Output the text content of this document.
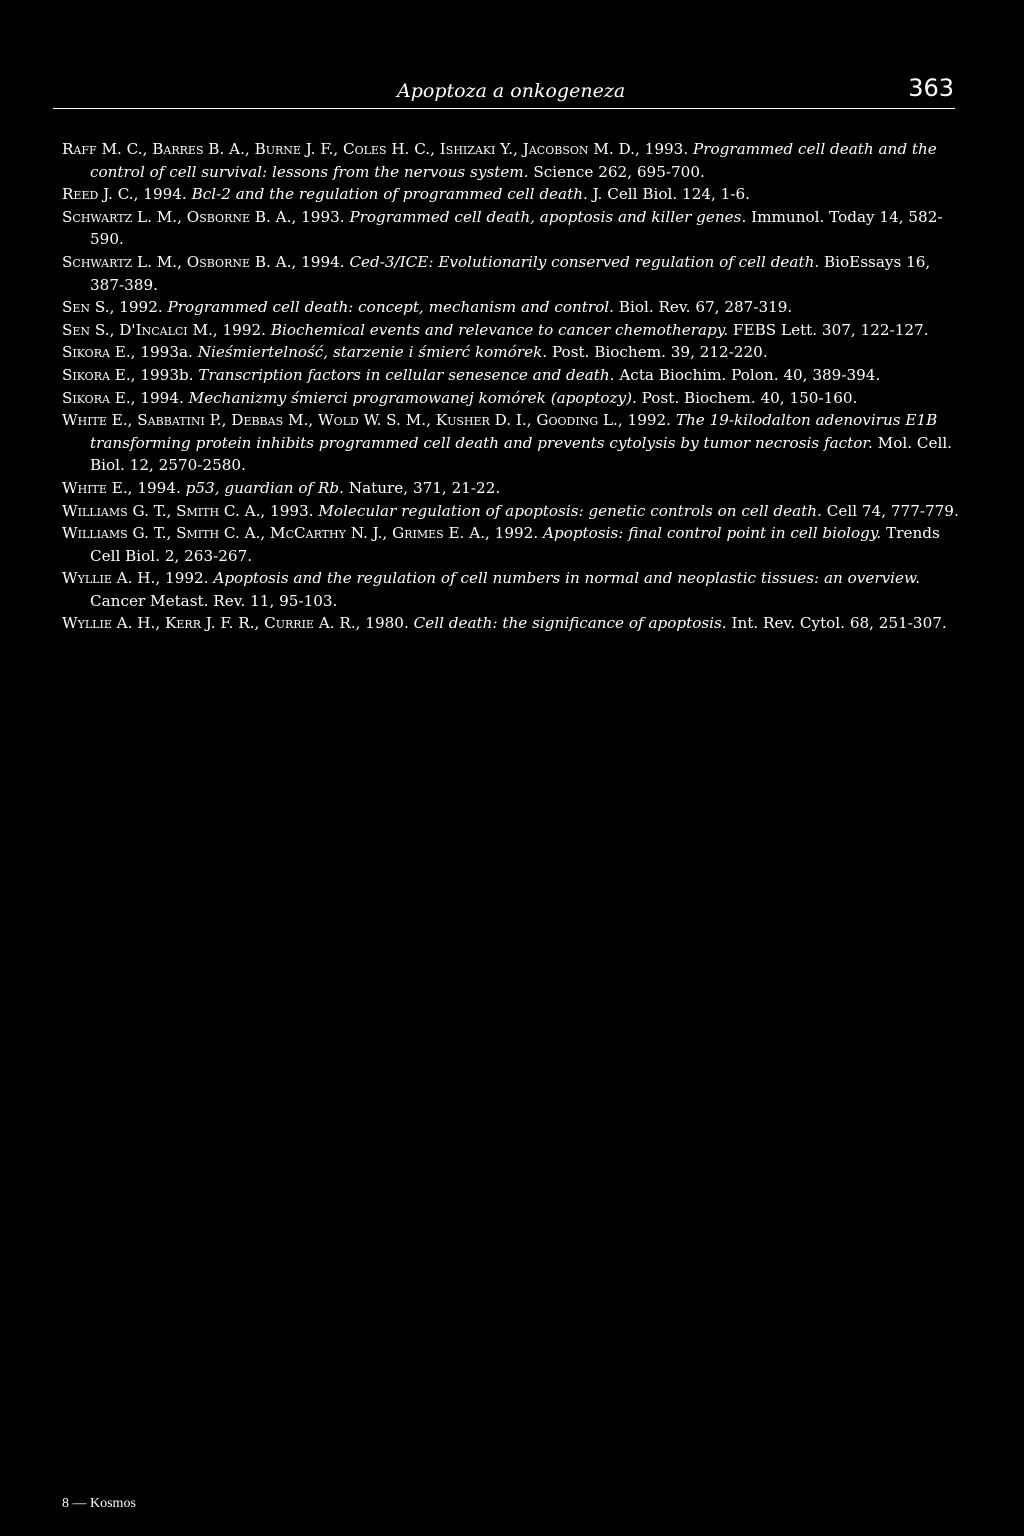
Apoptoza a onkogeneza	363

Raff M. C., Barres B. A., Burne J. F., Coles H. C., Ishizaki Y., Jacobson M. D., 1993. Programmed cell death and the control of cell survival: lessons from the nervous system. Science 262, 695-700.

Reed J. C., 1994. Bcl-2 and the regulation of programmed cell death. J. Cell Biol. 124, 1-6.

Schwartz L. M., Osborne B. A., 1993. Programmed cell death, apoptosis and killer genes. Immunol. Today 14, 582-590.

Schwartz L. M., Osborne B. A., 1994. Ced-3/ICE: Evolutionarily conserved regulation of cell death. BioEssays 16, 387-389.

Sen S., 1992. Programmed cell death: concept, mechanism and control. Biol. Rev. 67, 287-319.

Sen S., D'Incalci M., 1992. Biochemical events and relevance to cancer chemotherapy. FEBS Lett. 307, 122-127.

Sikora E., 1993a. Nieśmiertelność, starzenie i śmierć komórek. Post. Biochem. 39, 212-220.

Sikora E., 1993b. Transcription factors in cellular senesence and death. Acta Biochim. Polon. 40, 389-394.

Sikora E., 1994. Mechanizmy śmierci programowanej komórek (apoptozy). Post. Biochem. 40, 150-160.

White E., Sabbatini P., Debbas M., Wold W. S. M., Kusher D. I., Gooding L., 1992. The 19-kilodalton adenovirus E1B transforming protein inhibits programmed cell death and prevents cytolysis by tumor necrosis factor. Mol. Cell. Biol. 12, 2570-2580.

White E., 1994. p53, guardian of Rb. Nature, 371, 21-22.

Williams G. T., Smith C. A., 1993. Molecular regulation of apoptosis: genetic controls on cell death. Cell 74, 777-779.

Williams G. T., Smith C. A., McCarthy N. J., Grimes E. A., 1992. Apoptosis: final control point in cell biology. Trends Cell Biol. 2, 263-267.

Wyllie A. H., 1992. Apoptosis and the regulation of cell numbers in normal and neoplastic tissues: an overview. Cancer Metast. Rev. 11, 95-103.

Wyllie A. H., Kerr J. F. R., Currie A. R., 1980. Cell death: the significance of apoptosis. Int. Rev. Cytol. 68, 251-307.

8 — Kosmos
